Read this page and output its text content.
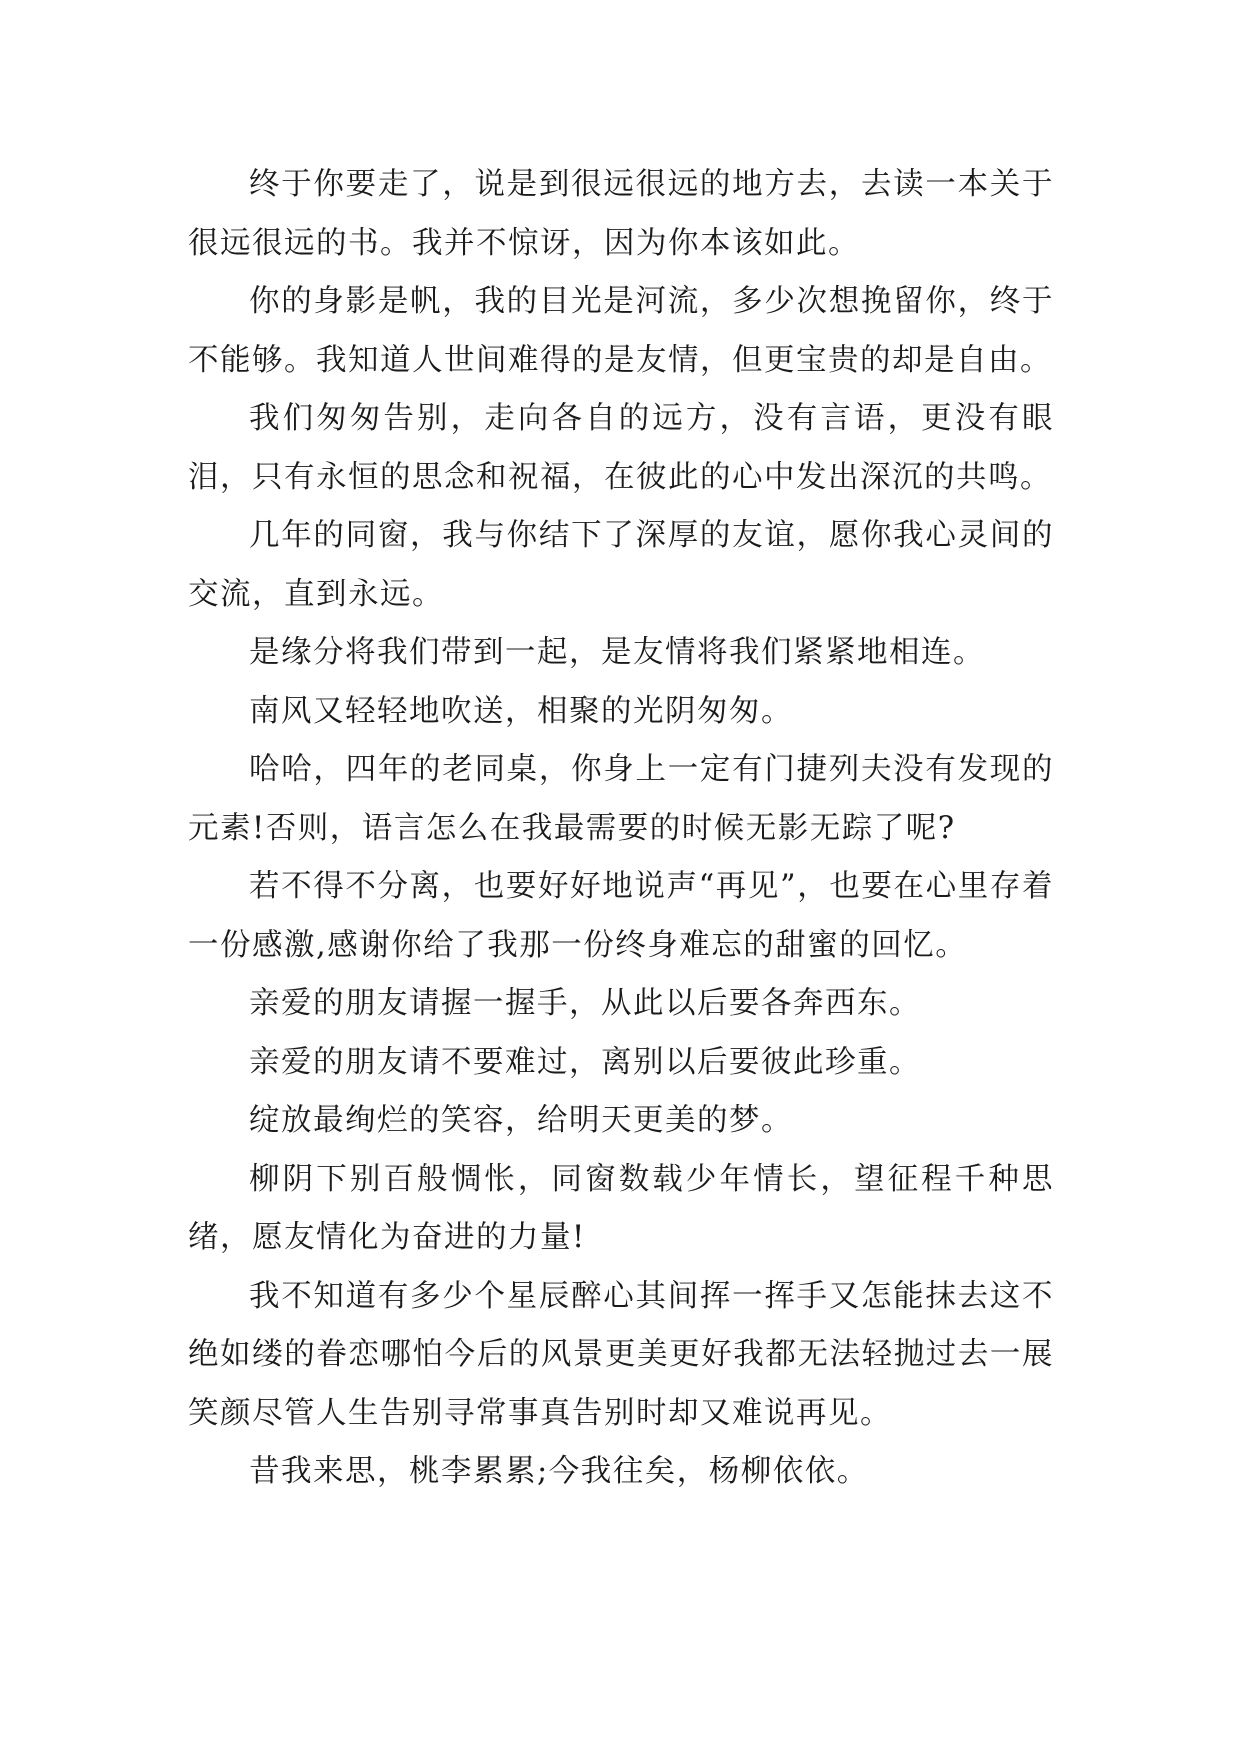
终于你要走了，说是到很远很远的地方去，去读一本关于很远很远的书。我并不惊讶，因为你本该如此。

你的身影是帆，我的目光是河流，多少次想挽留你，终于不能够。我知道人世间难得的是友情，但更宝贵的却是自由。

我们匆匆告别，走向各自的远方，没有言语，更没有眼泪，只有永恒的思念和祝福，在彼此的心中发出深沉的共鸣。

几年的同窗，我与你结下了深厚的友谊，愿你我心灵间的交流，直到永远。

是缘分将我们带到一起，是友情将我们紧紧地相连。

南风又轻轻地吹送，相聚的光阴匆匆。

哈哈，四年的老同桌，你身上一定有门捷列夫没有发现的元素!否则，语言怎么在我最需要的时候无影无踪了呢?

若不得不分离，也要好好地说声“再见”，也要在心里存着一份感激,感谢你给了我那一份终身难忘的甜蜜的回忆。

亲爱的朋友请握一握手，从此以后要各奔西东。

亲爱的朋友请不要难过，离别以后要彼此珍重。

绽放最绚烂的笑容，给明天更美的梦。

柳阴下别百般惆怅，同窗数载少年情长，望征程千种思绪，愿友情化为奋进的力量!

我不知道有多少个星辰醉心其间挥一挥手又怎能抹去这不绝如缕的眷恋哪怕今后的风景更美更好我都无法轻抛过去一展笑颜尽管人生告别寻常事真告别时却又难说再见。

昔我来思，桃李累累;今我往矣，杨柳依依。
